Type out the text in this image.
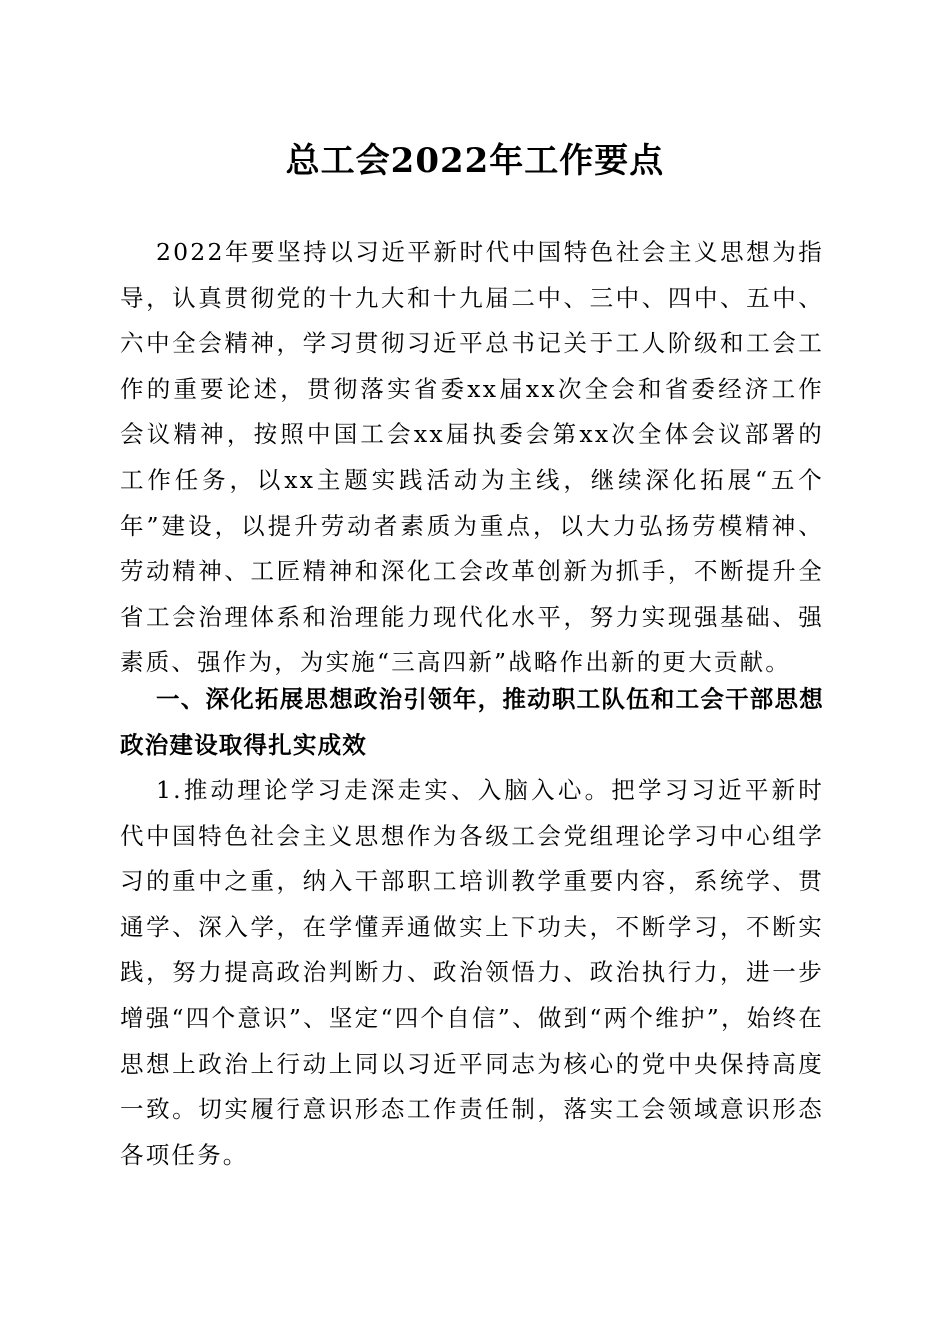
总工会2022年工作要点

2022年要坚持以习近平新时代中国特色社会主义思想为指导，认真贯彻党的十九大和十九届二中、三中、四中、五中、六中全会精神，学习贯彻习近平总书记关于工人阶级和工会工作的重要论述，贯彻落实省委xx届xx次全会和省委经济工作会议精神，按照中国工会xx届执委会第xx次全体会议部署的工作任务，以xx主题实践活动为主线，继续深化拓展“五个年”建设，以提升劳动者素质为重点，以大力弘扬劳模精神、劳动精神、工匠精神和深化工会改革创新为抓手，不断提升全省工会治理体系和治理能力现代化水平，努力实现强基础、强素质、强作为，为实施“三高四新”战略作出新的更大贡献。

一、深化拓展思想政治引领年，推动职工队伍和工会干部思想政治建设取得扎实成效

1.推动理论学习走深走实、入脑入心。把学习习近平新时代中国特色社会主义思想作为各级工会党组理论学习中心组学习的重中之重，纳入干部职工培训教学重要内容，系统学、贯通学、深入学，在学懂弄通做实上下功夫，不断学习，不断实践，努力提高政治判断力、政治领悟力、政治执行力，进一步增强“四个意识”、坚定“四个自信”、做到“两个维护”，始终在思想上政治上行动上同以习近平同志为核心的党中央保持高度一致。切实履行意识形态工作责任制，落实工会领域意识形态各项任务。
